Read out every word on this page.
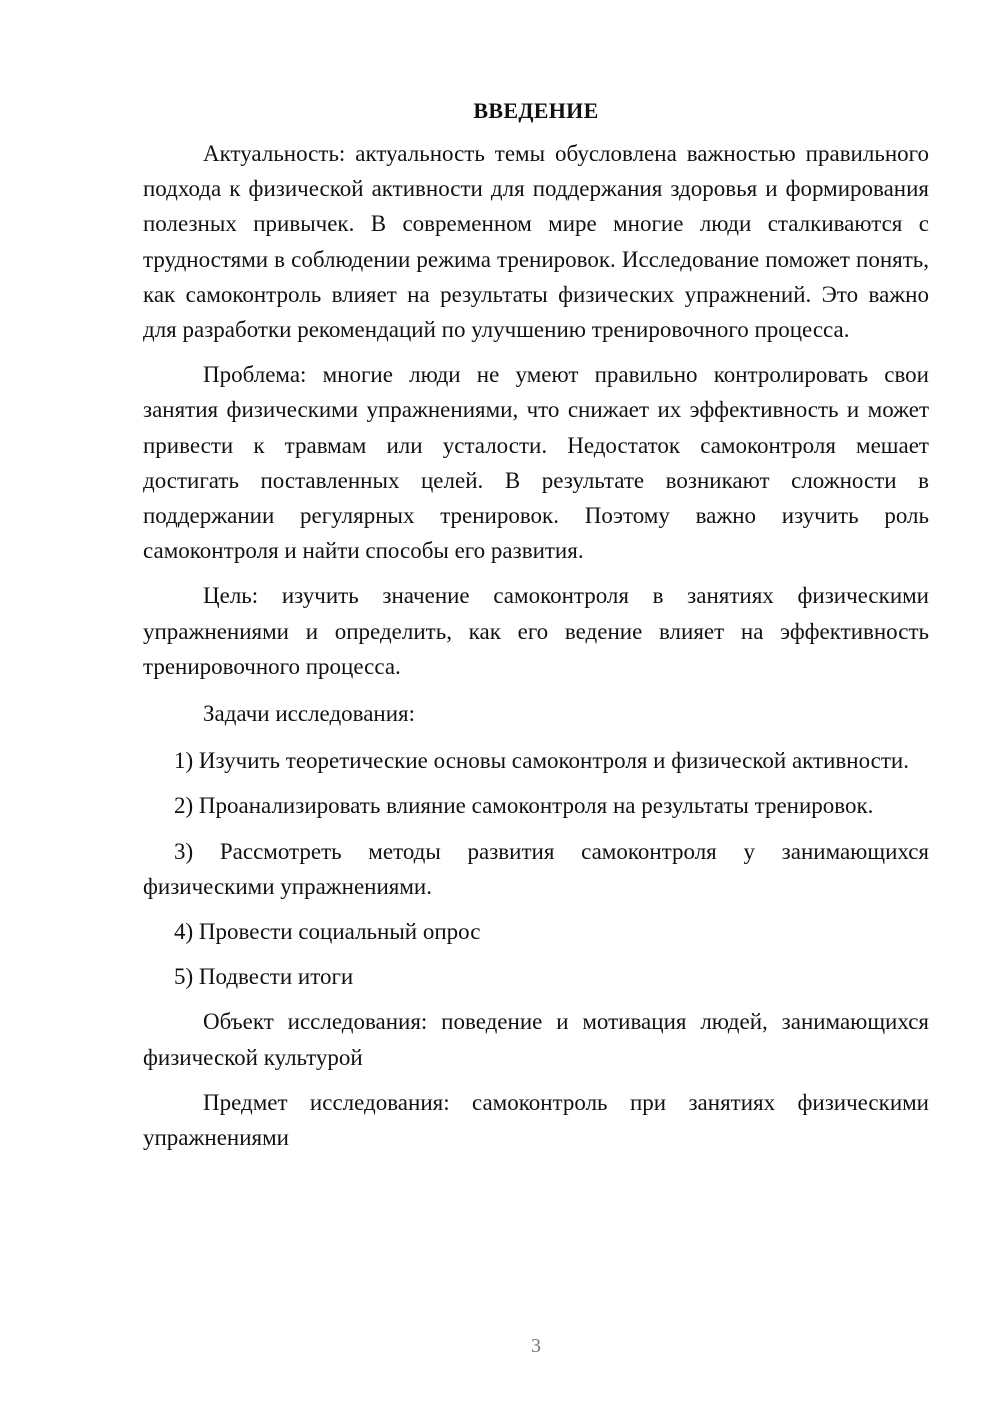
ВВЕДЕНИЕ

Актуальность: актуальность темы обусловлена важностью правильного подхода к физической активности для поддержания здоровья и формирования полезных привычек. В современном мире многие люди сталкиваются с трудностями в соблюдении режима тренировок. Исследование поможет понять, как самоконтроль влияет на результаты физических упражнений. Это важно для разработки рекомендаций по улучшению тренировочного процесса.

Проблема: многие люди не умеют правильно контролировать свои занятия физическими упражнениями, что снижает их эффективность и может привести к травмам или усталости. Недостаток самоконтроля мешает достигать поставленных целей. В результате возникают сложности в поддержании регулярных тренировок. Поэтому важно изучить роль самоконтроля и найти способы его развития.

Цель: изучить значение самоконтроля в занятиях физическими упражнениями и определить, как его ведение влияет на эффективность тренировочного процесса.

Задачи исследования:

1) Изучить теоретические основы самоконтроля и физической активности.

2) Проанализировать влияние самоконтроля на результаты тренировок.

3) Рассмотреть методы развития самоконтроля у занимающихся физическими упражнениями.

4) Провести социальный опрос

5) Подвести итоги

Объект исследования: поведение и мотивация людей, занимающихся физической культурой

Предмет исследования: самоконтроль при занятиях физическими упражнениями

3
